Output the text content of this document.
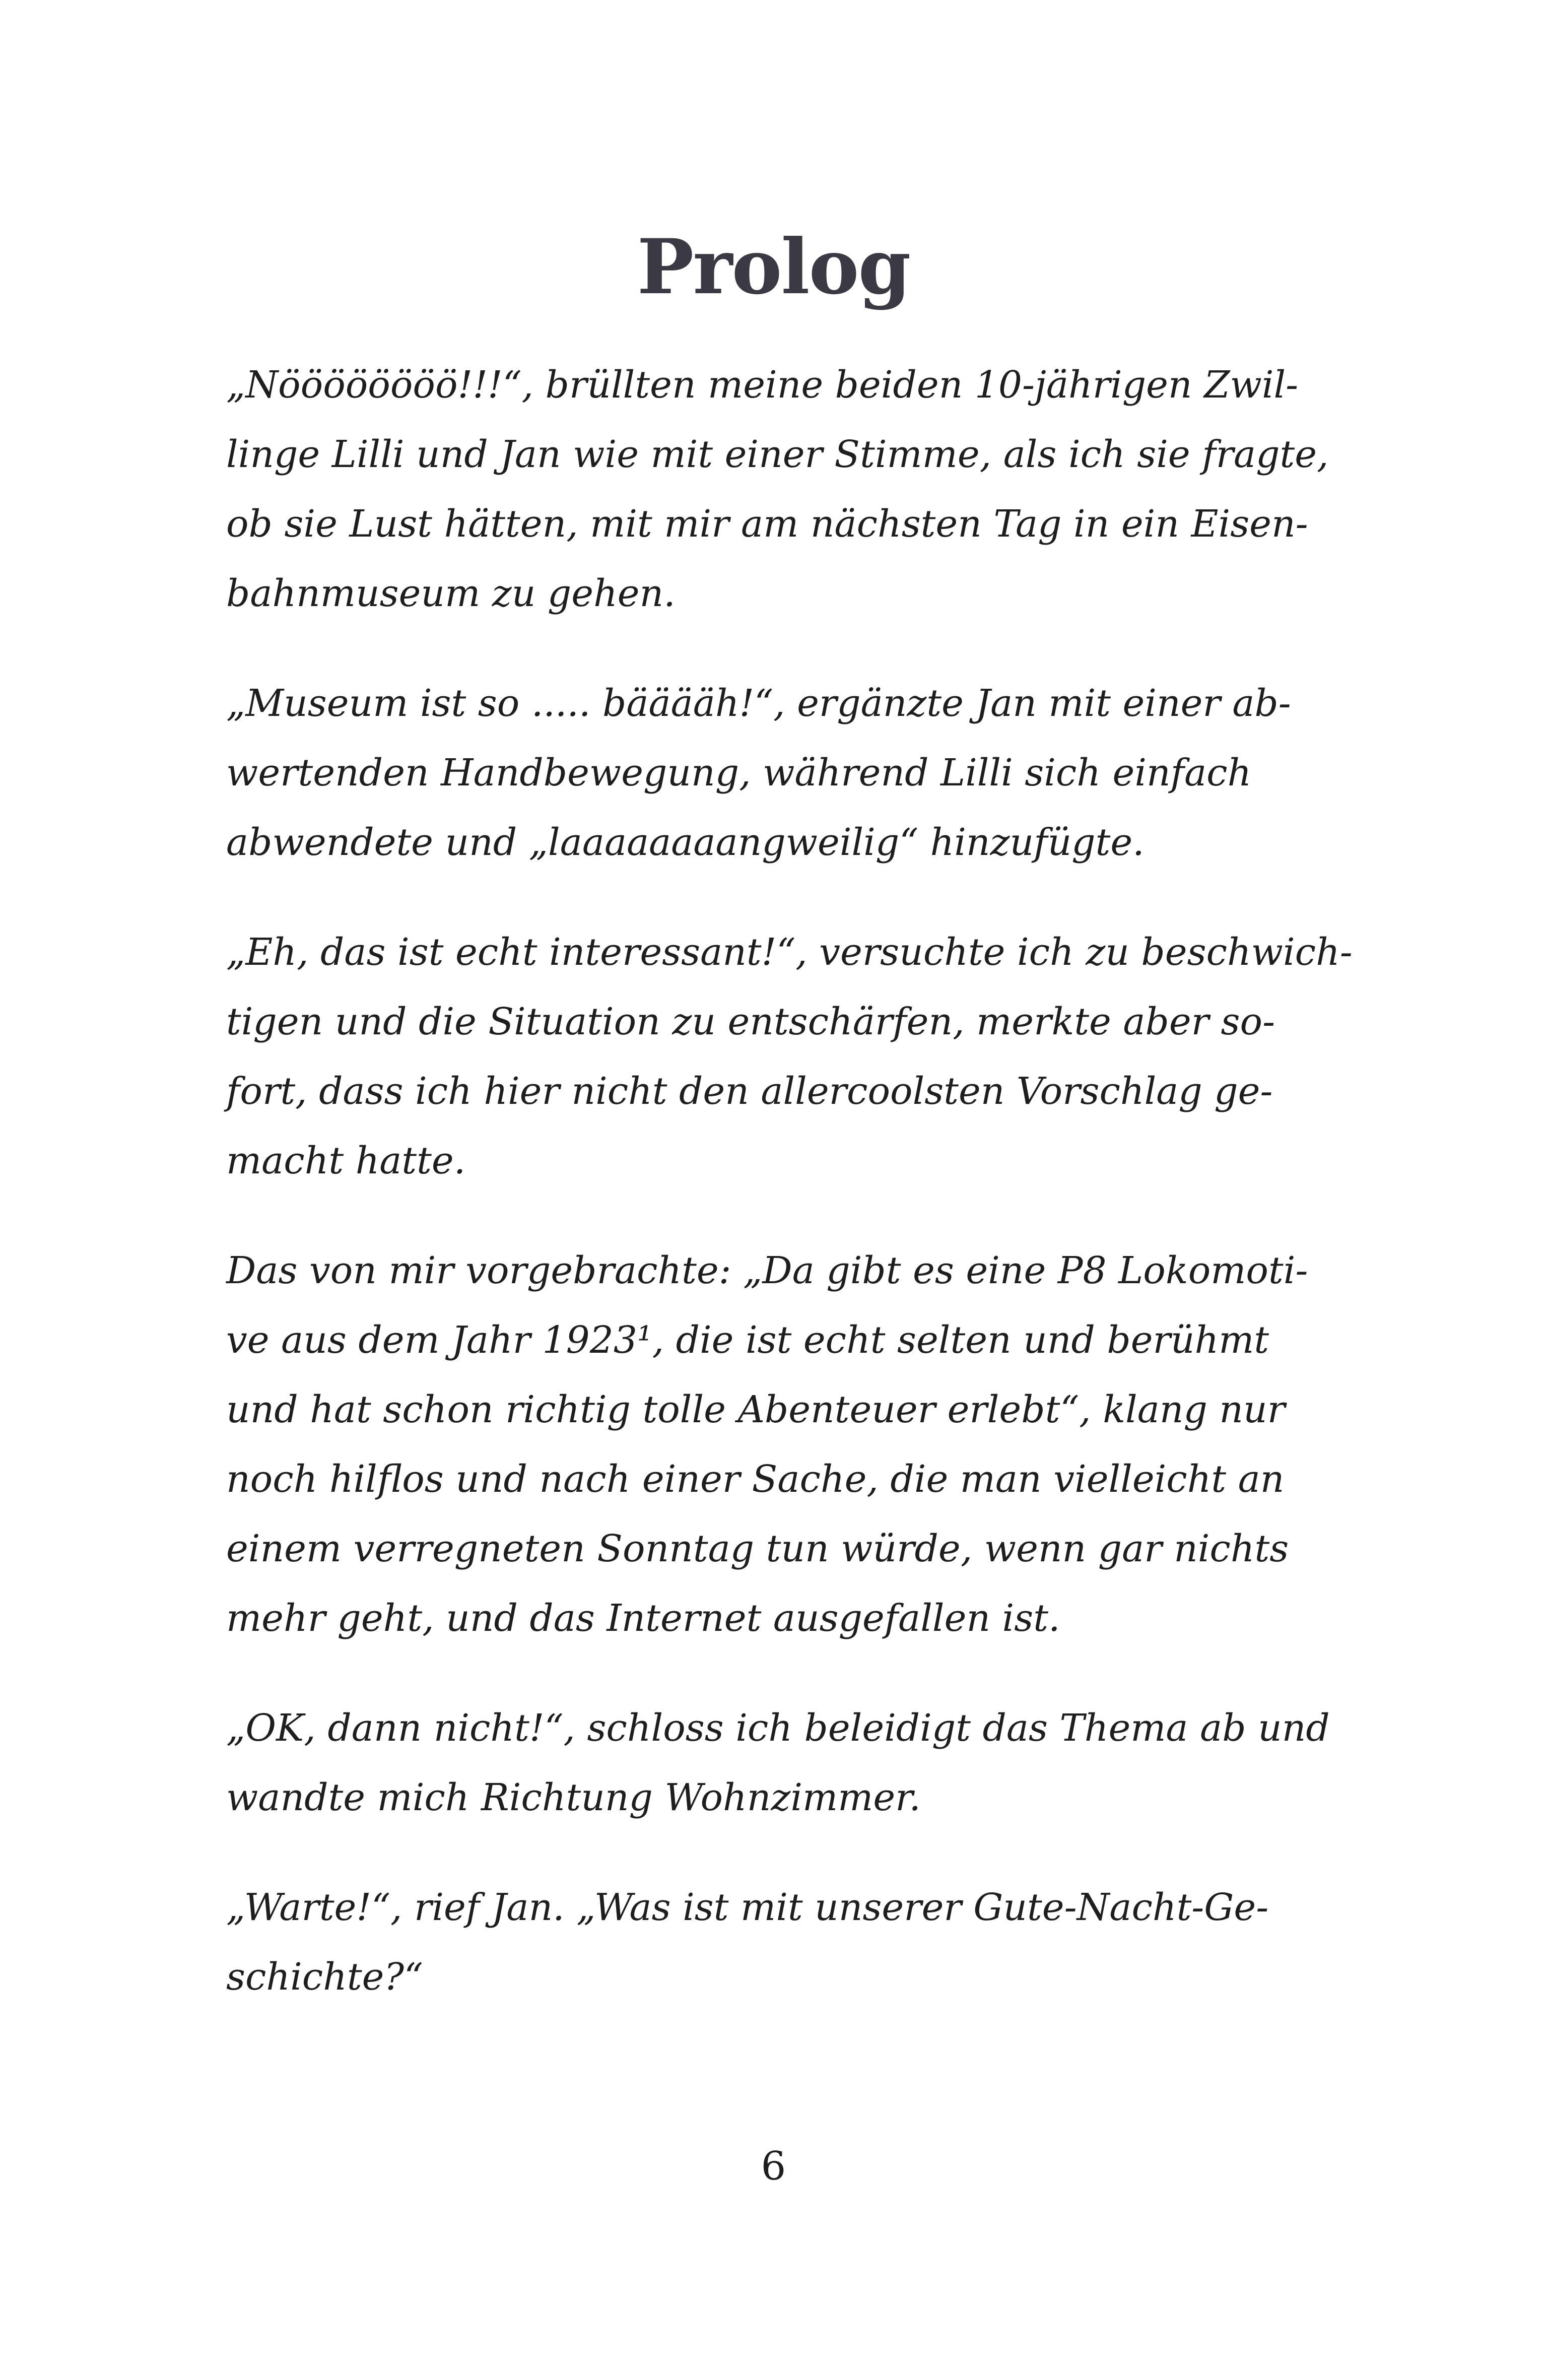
Prolog

„Nöööööööö!!!“, brüllten meine beiden 10-jährigen Zwil-
linge Lilli und Jan wie mit einer Stimme, als ich sie fragte,
ob sie Lust hätten, mit mir am nächsten Tag in ein Eisen-
bahnmuseum zu gehen.

„Museum ist so ..... bääääh!“, ergänzte Jan mit einer ab-
wertenden Handbewegung, während Lilli sich einfach
abwendete und „laaaaaaaangweilig“ hinzufügte.

„Eh, das ist echt interessant!“, versuchte ich zu beschwich-
tigen und die Situation zu entschärfen, merkte aber so-
fort, dass ich hier nicht den allercoolsten Vorschlag ge-
macht hatte.

Das von mir vorgebrachte: „Da gibt es eine P8 Lokomoti-
ve aus dem Jahr 1923¹, die ist echt selten und berühmt
und hat schon richtig tolle Abenteuer erlebt“, klang nur
noch hilflos und nach einer Sache, die man vielleicht an
einem verregneten Sonntag tun würde, wenn gar nichts
mehr geht, und das Internet ausgefallen ist.

„OK, dann nicht!“, schloss ich beleidigt das Thema ab und
wandte mich Richtung Wohnzimmer.

„Warte!“, rief Jan. „Was ist mit unserer Gute-Nacht-Ge-
schichte?“

6
